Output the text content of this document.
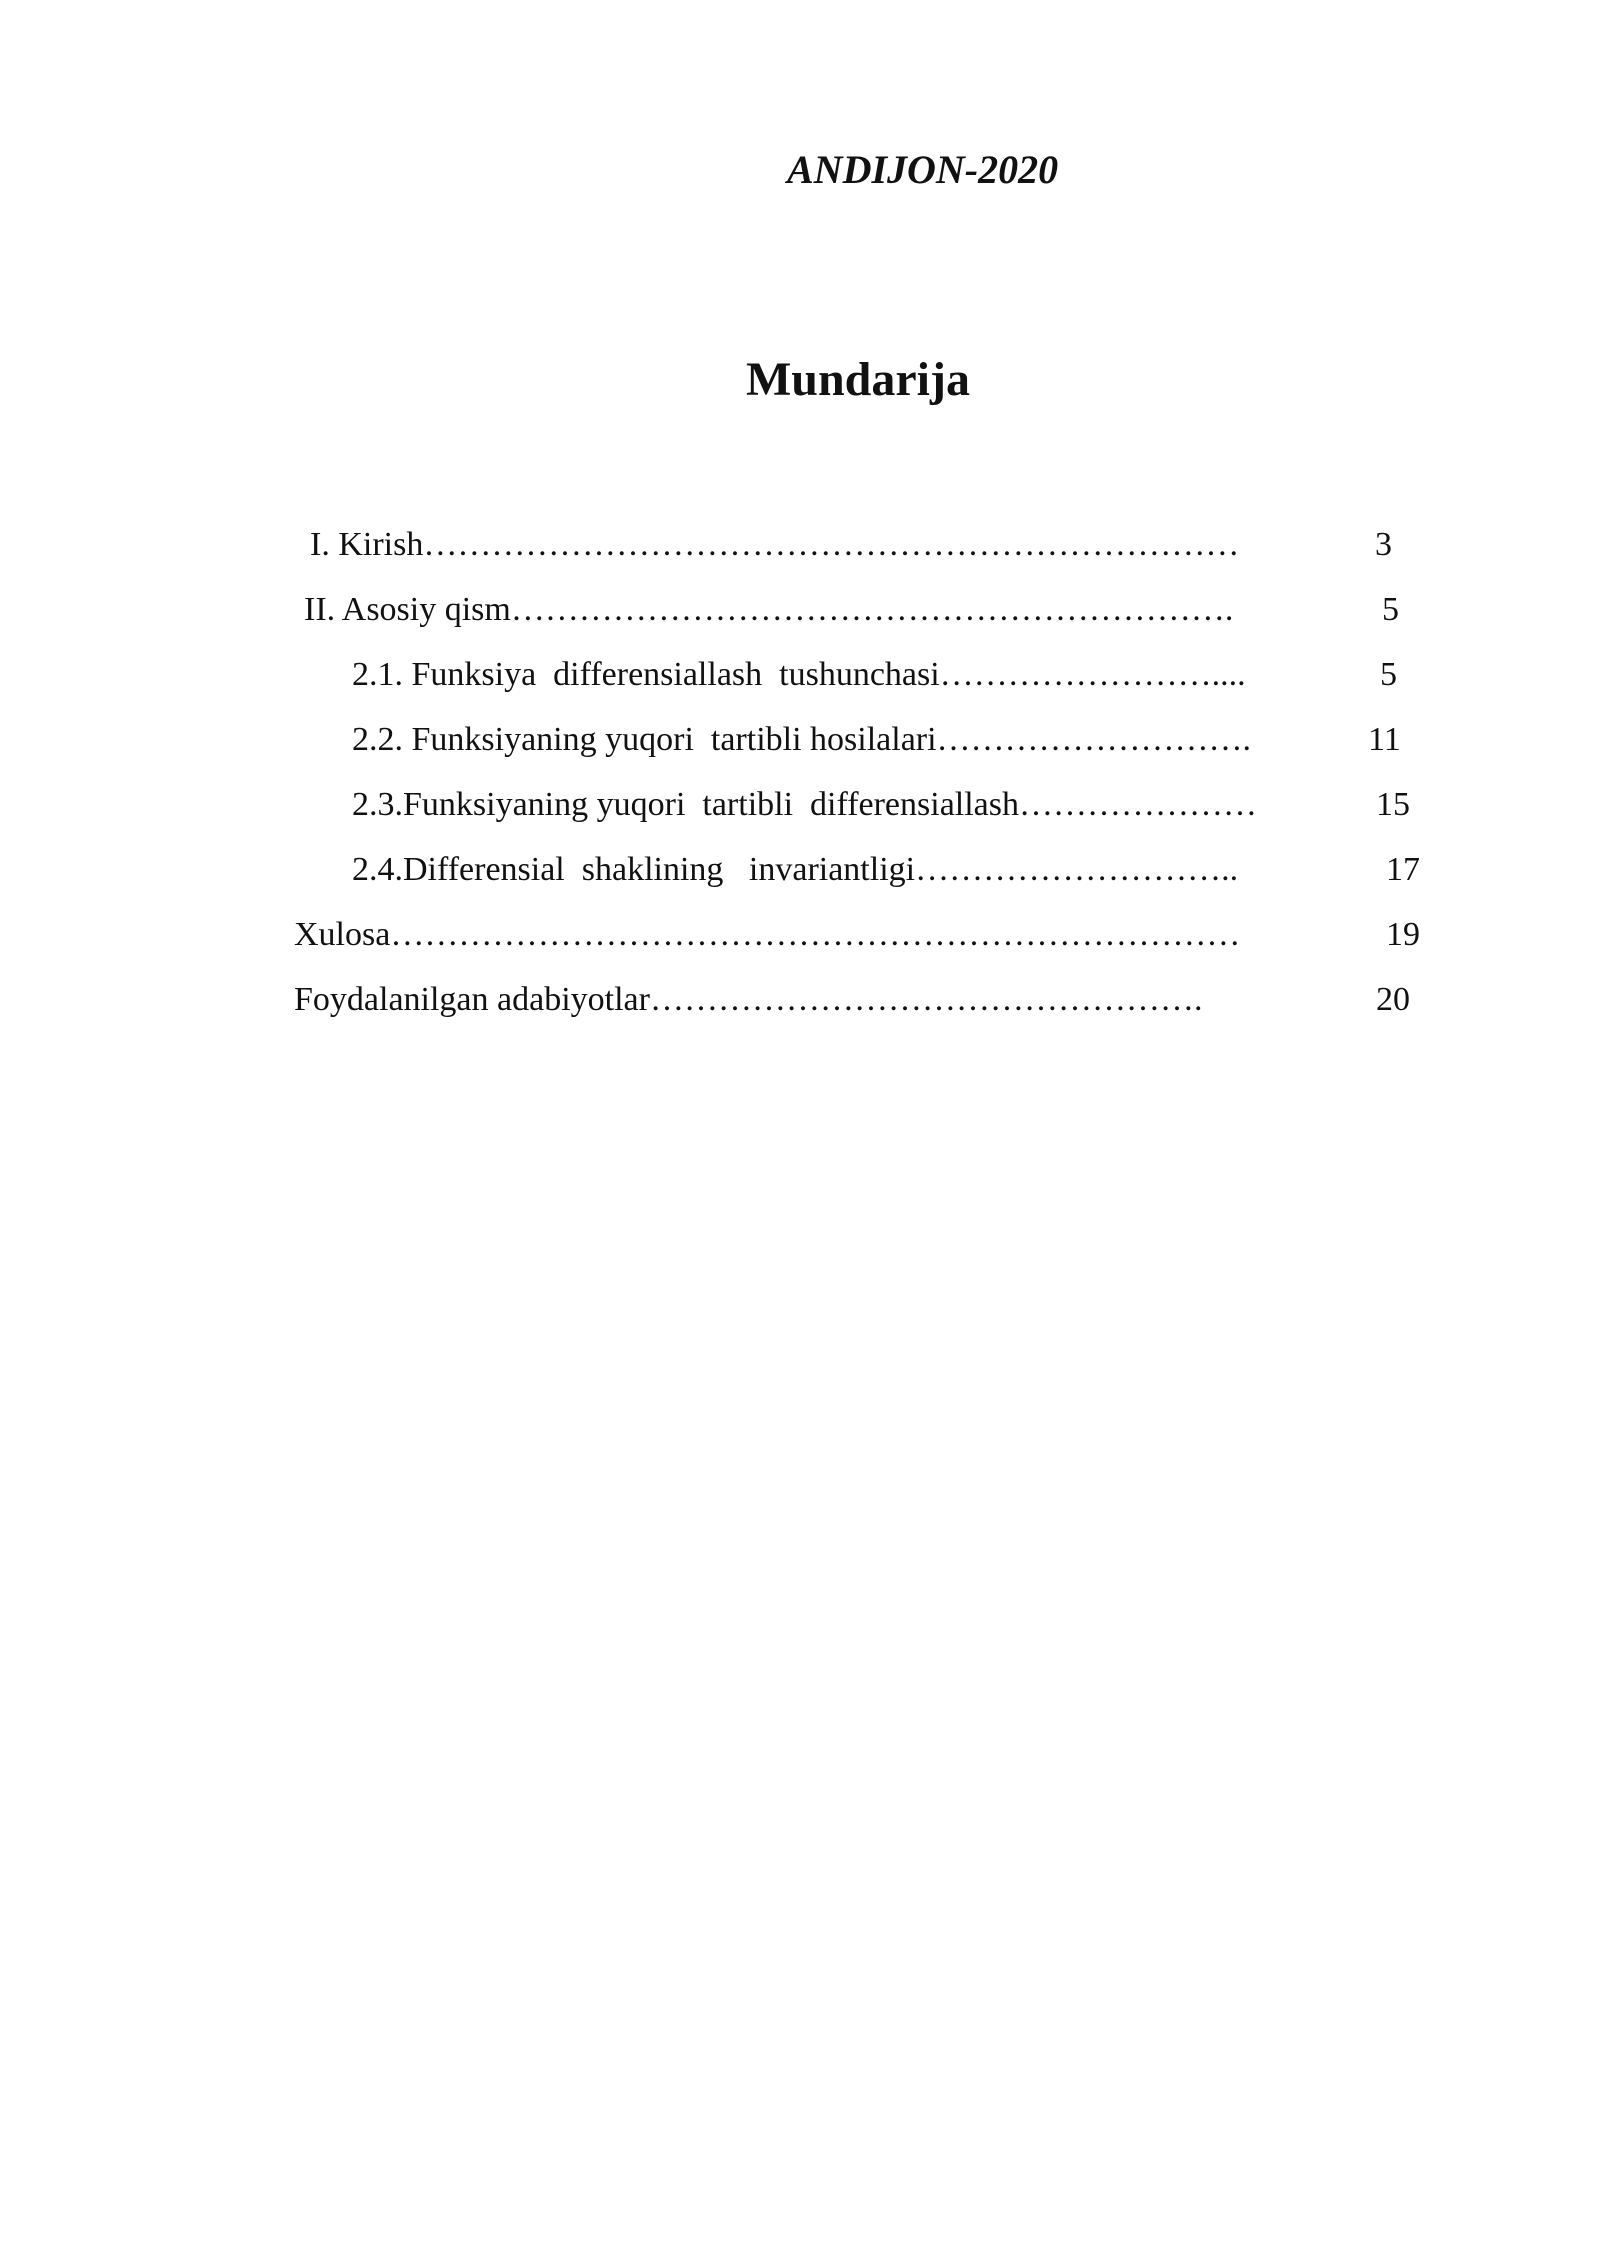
ANDIJON-2020
Mundarija
I. Kirish………………………………………………………………	3
II. Asosiy qism……………………………………………………….	5
2.1. Funksiya  differensiallash  tushunchasi……………………....	5
2.2. Funksiyaning yuqori  tartibli hosilalari……………………….	11
2.3.Funksiyaning yuqori  tartibli  differensiallash…………………	15
2.4.Differensial  shaklining   invariantligi………………………..	17
Xulosa…………………………………………………………………	19
Foydalanilgan adabiyotlar………………………………………….	20
